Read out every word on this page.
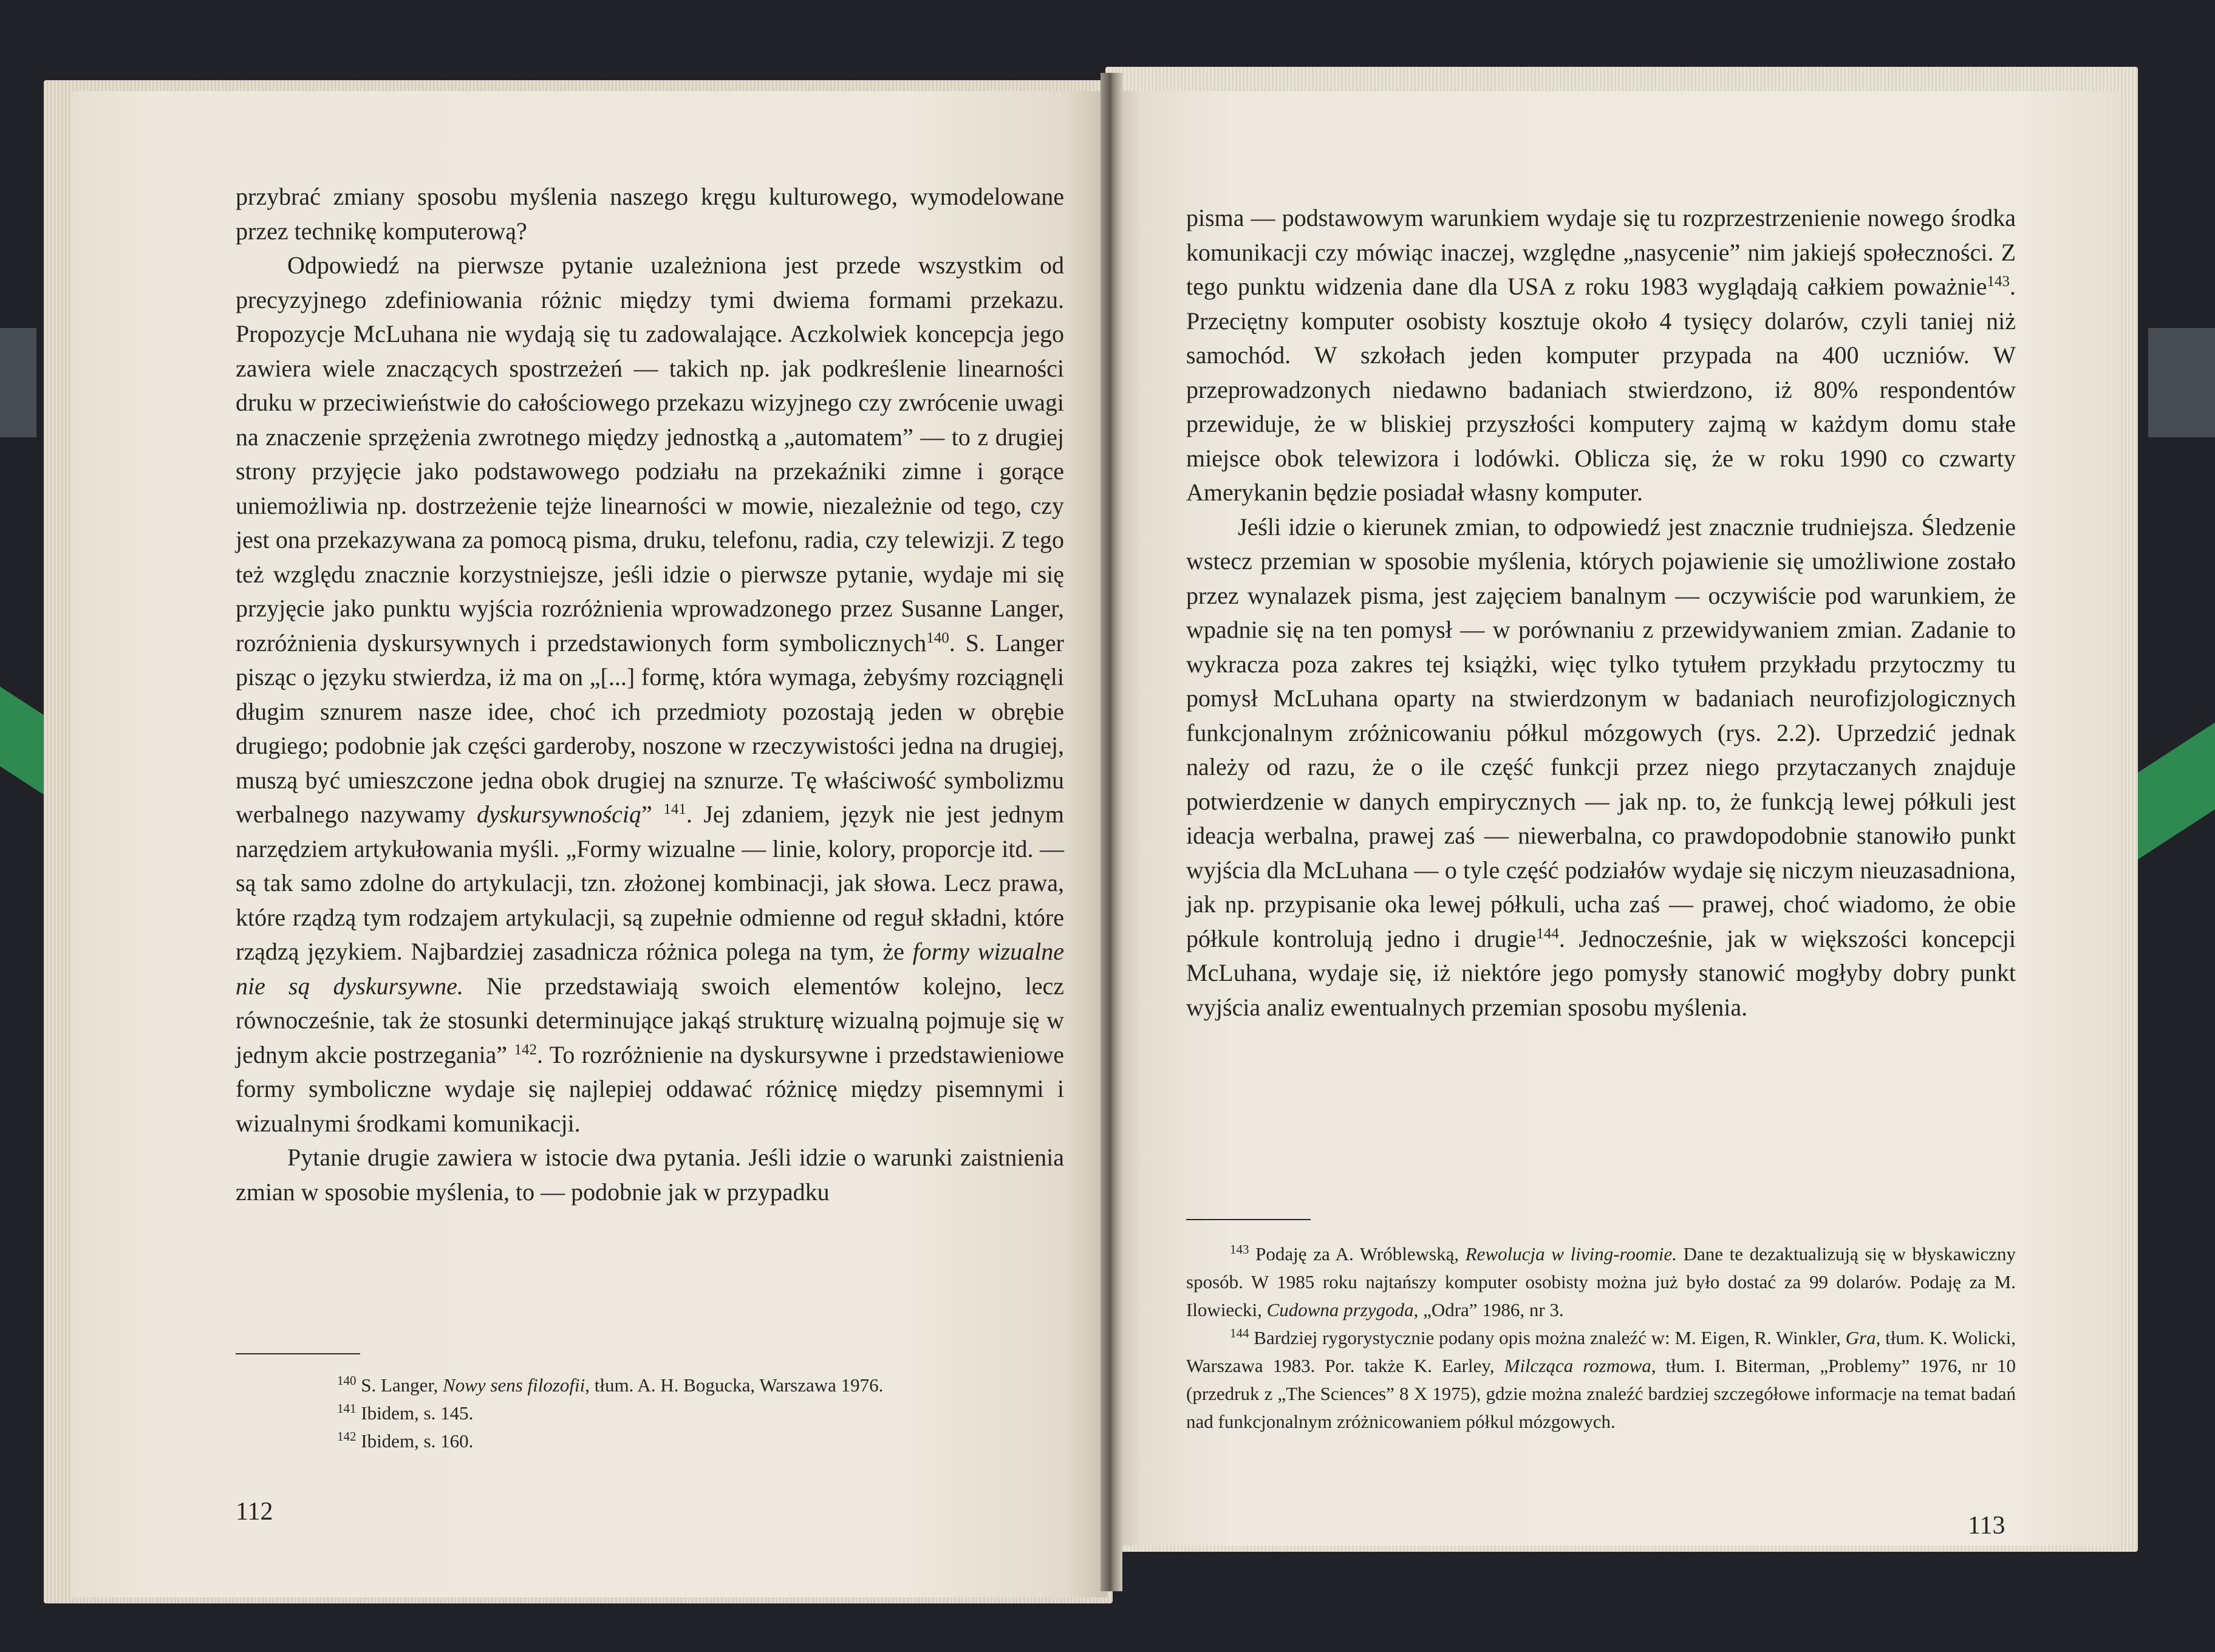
przybrać zmiany sposobu myślenia naszego kręgu kulturowego, wymodelowane przez technikę komputerową?

Odpowiedź na pierwsze pytanie uzależniona jest przede wszystkim od precyzyjnego zdefiniowania różnic między tymi dwiema formami przekazu. Propozycje McLuhana nie wydają się tu zadowalające. Aczkolwiek koncepcja jego zawiera wiele znaczących spostrzeżeń — takich np. jak podkreślenie linearności druku w przeciwieństwie do całościowego przekazu wizyjnego czy zwrócenie uwagi na znaczenie sprzężenia zwrotnego między jednostką a „automatem” — to z drugiej strony przyjęcie jako podstawowego podziału na przekaźniki zimne i gorące uniemożliwia np. dostrzeżenie tejże linearności w mowie, niezależnie od tego, czy jest ona przekazywana za pomocą pisma, druku, telefonu, radia, czy telewizji. Z tego też względu znacznie korzystniejsze, jeśli idzie o pierwsze pytanie, wydaje mi się przyjęcie jako punktu wyjścia rozróżnienia wprowadzonego przez Susanne Langer, rozróżnienia dyskursywnych i przedstawionych form symbolicznych$^{140}$. S. Langer pisząc o języku stwierdza, iż ma on „[...] formę, która wymaga, żebyśmy rozciągnęli długim sznurem nasze idee, choć ich przedmioty pozostają jeden w obrębie drugiego; podobnie jak części garderoby, noszone w rzeczywistości jedna na drugiej, muszą być umieszczone jedna obok drugiej na sznurze. Tę właściwość symbolizmu werbalnego nazywamy dyskursywnością” $^{141}$. Jej zdaniem, język nie jest jednym narzędziem artykułowania myśli. „Formy wizualne — linie, kolory, proporcje itd. — są tak samo zdolne do artykulacji, tzn. złożonej kombinacji, jak słowa. Lecz prawa, które rządzą tym rodzajem artykulacji, są zupełnie odmienne od reguł składni, które rządzą językiem. Najbardziej zasadnicza różnica polega na tym, że formy wizualne nie są dyskursywne. Nie przedstawiają swoich elementów kolejno, lecz równocześnie, tak że stosunki determinujące jakąś strukturę wizualną pojmuje się w jednym akcie postrzegania” $^{142}$. To rozróżnienie na dyskursywne i przedstawieniowe formy symboliczne wydaje się najlepiej oddawać różnicę między pisemnymi i wizualnymi środkami komunikacji.

Pytanie drugie zawiera w istocie dwa pytania. Jeśli idzie o warunki zaistnienia zmian w sposobie myślenia, to — podobnie jak w przypadku

$^{140}$ S. Langer, Nowy sens filozofii, tłum. A. H. Bogucka, Warszawa 1976.

$^{141}$ Ibidem, s. 145.

$^{142}$ Ibidem, s. 160.

112

pisma — podstawowym warunkiem wydaje się tu rozprzestrzenienie nowego środka komunikacji czy mówiąc inaczej, względne „nasycenie” nim jakiejś społeczności. Z tego punktu widzenia dane dla USA z roku 1983 wyglądają całkiem poważnie$^{143}$. Przeciętny komputer osobisty kosztuje około 4 tysięcy dolarów, czyli taniej niż samochód. W szkołach jeden komputer przypada na 400 uczniów. W przeprowadzonych niedawno badaniach stwierdzono, iż 80% respondentów przewiduje, że w bliskiej przyszłości komputery zajmą w każdym domu stałe miejsce obok telewizora i lodówki. Oblicza się, że w roku 1990 co czwarty Amerykanin będzie posiadał własny komputer.

Jeśli idzie o kierunek zmian, to odpowiedź jest znacznie trudniejsza. Śledzenie wstecz przemian w sposobie myślenia, których pojawienie się umożliwione zostało przez wynalazek pisma, jest zajęciem banalnym — oczywiście pod warunkiem, że wpadnie się na ten pomysł — w porównaniu z przewidywaniem zmian. Zadanie to wykracza poza zakres tej książki, więc tylko tytułem przykładu przytoczmy tu pomysł McLuhana oparty na stwierdzonym w badaniach neurofizjologicznych funkcjonalnym zróżnicowaniu półkul mózgowych (rys. 2.2). Uprzedzić jednak należy od razu, że o ile część funkcji przez niego przytaczanych znajduje potwierdzenie w danych empirycznych — jak np. to, że funkcją lewej półkuli jest ideacja werbalna, prawej zaś — niewerbalna, co prawdopodobnie stanowiło punkt wyjścia dla McLuhana — o tyle część podziałów wydaje się niczym nieuzasadniona, jak np. przypisanie oka lewej półkuli, ucha zaś — prawej, choć wiadomo, że obie półkule kontrolują jedno i drugie$^{144}$. Jednocześnie, jak w większości koncepcji McLuhana, wydaje się, iż niektóre jego pomysły stanowić mogłyby dobry punkt wyjścia analiz ewentualnych przemian sposobu myślenia.

$^{143}$ Podaję za A. Wróblewską, Rewolucja w living-roomie. Dane te dezaktualizują się w błyskawiczny sposób. W 1985 roku najtańszy komputer osobisty można już było dostać za 99 dolarów. Podaję za M. Ilowiecki, Cudowna przygoda, „Odra” 1986, nr 3.

$^{144}$ Bardziej rygorystycznie podany opis można znaleźć w: M. Eigen, R. Winkler, Gra, tłum. K. Wolicki, Warszawa 1983. Por. także K. Earley, Milcząca rozmowa, tłum. I. Biterman, „Problemy” 1976, nr 10 (przedruk z „The Sciences” 8 X 1975), gdzie można znaleźć bardziej szczegółowe informacje na temat badań nad funkcjonalnym zróżnicowaniem półkul mózgowych.

113
